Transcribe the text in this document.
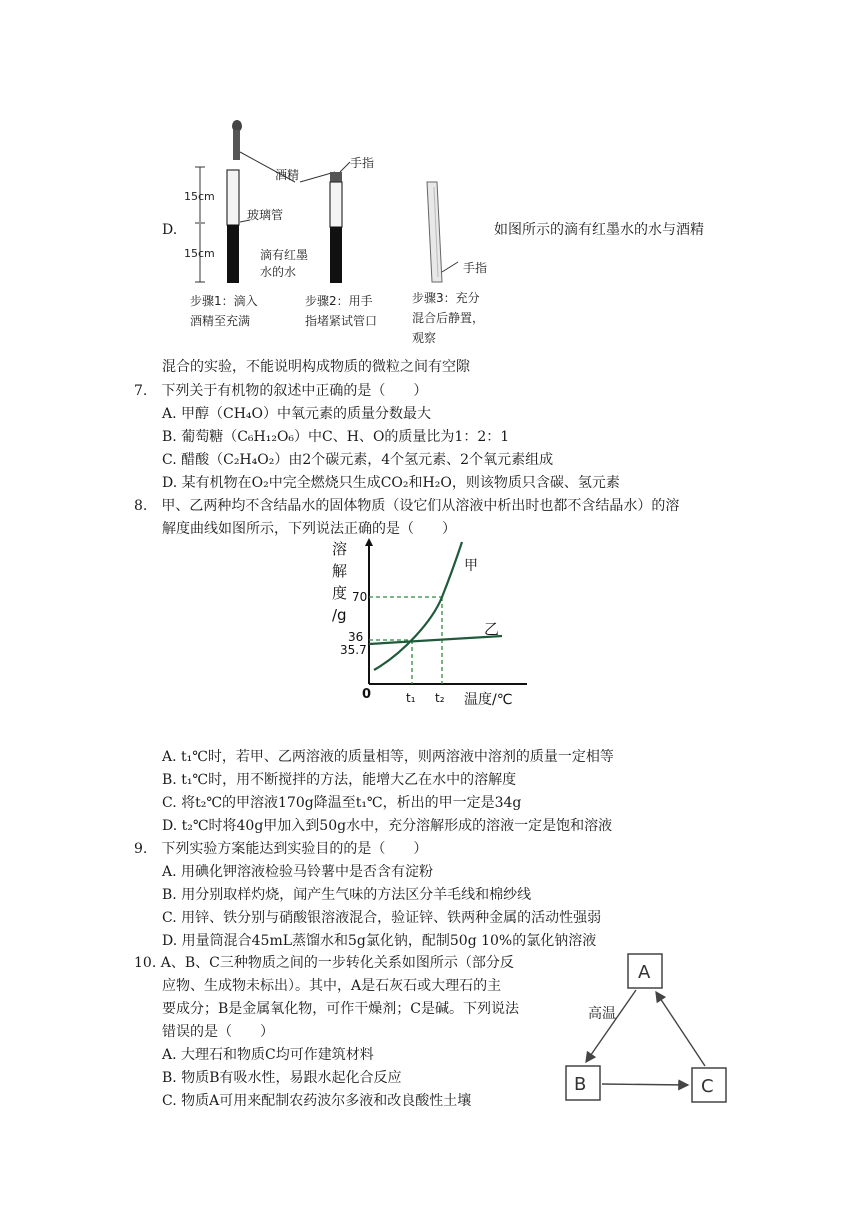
D.
15cm
15cm
酒精
玻璃管
手指
滴有红墨
水的水	手指
步骤1：滴入
酒精至充满
步骤2：用手
指堵紧试管口
步骤3：充分
混合后静置，
观察
如图所示的滴有红墨水的水与酒精
混合的实验，不能说明构成物质的微粒之间有空隙
7.　下列关于有机物的叙述中正确的是（　　）
A. 甲醇（CH₄O）中氧元素的质量分数最大
B. 葡萄糖（C₆H₁₂O₆）中C、H、O的质量比为1：2：1
C. 醋酸（C₂H₄O₂）由2个碳元素，4个氢元素、2个氧元素组成
D. 某有机物在O₂中完全燃烧只生成CO₂和H₂O，则该物质只含碳、氢元素
8.　甲、乙两种均不含结晶水的固体物质（设它们从溶液中析出时也都不含结晶水）的溶
解度曲线如图所示，下列说法正确的是（　　）
溶
解
度
/g
70
36
35.7
0	t₁ t₂ 温度/℃
甲
乙
A. t₁℃时，若甲、乙两溶液的质量相等，则两溶液中溶剂的质量一定相等
B. t₁℃时，用不断搅拌的方法，能增大乙在水中的溶解度
C. 将t₂℃的甲溶液170g降温至t₁℃，析出的甲一定是34g
D. t₂℃时将40g甲加入到50g水中，充分溶解形成的溶液一定是饱和溶液
9.　下列实验方案能达到实验目的的是（　　）
A. 用碘化钾溶液检验马铃薯中是否含有淀粉
B. 用分别取样灼烧，闻产生气味的方法区分羊毛线和棉纱线
C. 用锌、铁分别与硝酸银溶液混合，验证锌、铁两种金属的活动性强弱
D. 用量筒混合45mL蒸馏水和5g氯化钠，配制50g 10%的氯化钠溶液
10. A、B、C三种物质之间的一步转化关系如图所示（部分反
应物、生成物未标出）。其中，A是石灰石或大理石的主
要成分；B是金属氧化物，可作干燥剂；C是碱。下列说法
错误的是（　　）
A. 大理石和物质C均可作建筑材料
B. 物质B有吸水性，易跟水起化合反应
C. 物质A可用来配制农药波尔多液和改良酸性土壤
A
B	C
高温
